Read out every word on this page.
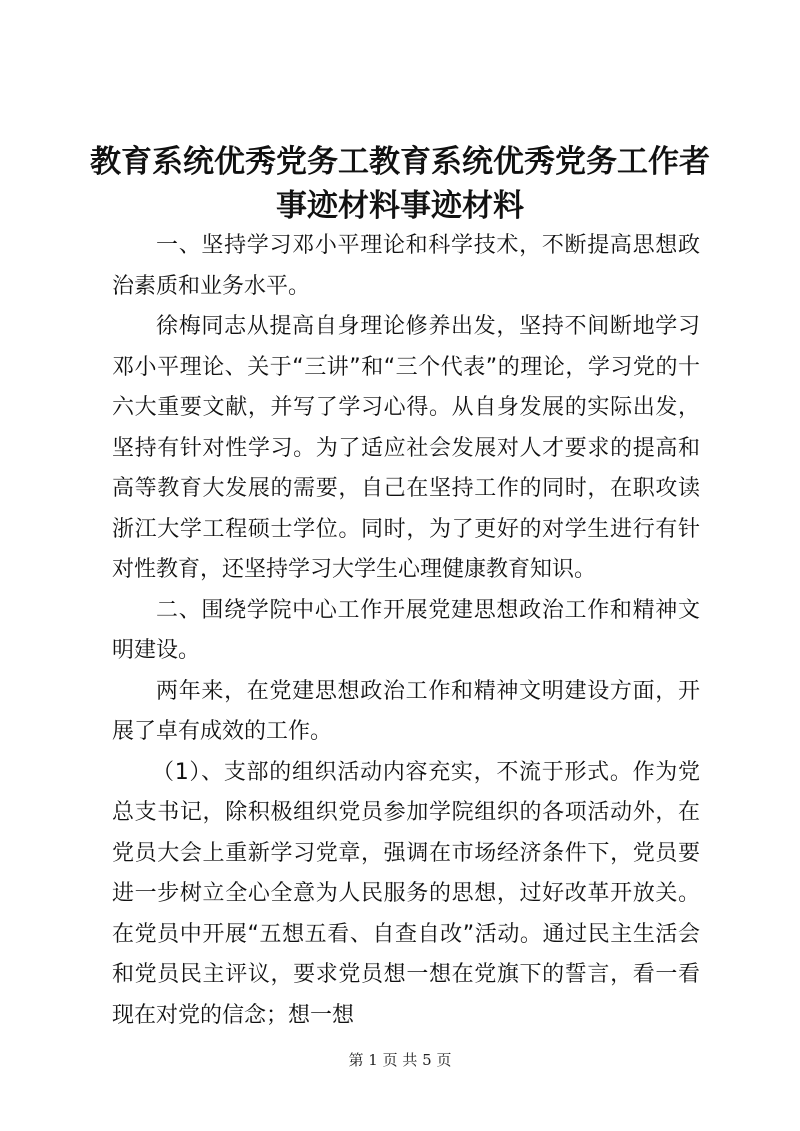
教育系统优秀党务工教育系统优秀党务工作者
事迹材料事迹材料

一、坚持学习邓小平理论和科学技术，不断提高思想政治素质和业务水平。

徐梅同志从提高自身理论修养出发，坚持不间断地学习邓小平理论、关于“三讲”和“三个代表”的理论，学习党的十六大重要文献，并写了学习心得。从自身发展的实际出发，坚持有针对性学习。为了适应社会发展对人才要求的提高和高等教育大发展的需要，自己在坚持工作的同时，在职攻读浙江大学工程硕士学位。同时，为了更好的对学生进行有针对性教育，还坚持学习大学生心理健康教育知识。

二、围绕学院中心工作开展党建思想政治工作和精神文明建设。

两年来，在党建思想政治工作和精神文明建设方面，开展了卓有成效的工作。

（1）、支部的组织活动内容充实，不流于形式。作为党总支书记，除积极组织党员参加学院组织的各项活动外，在党员大会上重新学习党章，强调在市场经济条件下，党员要进一步树立全心全意为人民服务的思想，过好改革开放关。在党员中开展“五想五看、自查自改”活动。通过民主生活会和党员民主评议，要求党员想一想在党旗下的誓言，看一看现在对党的信念；想一想

第 1 页 共 5 页
